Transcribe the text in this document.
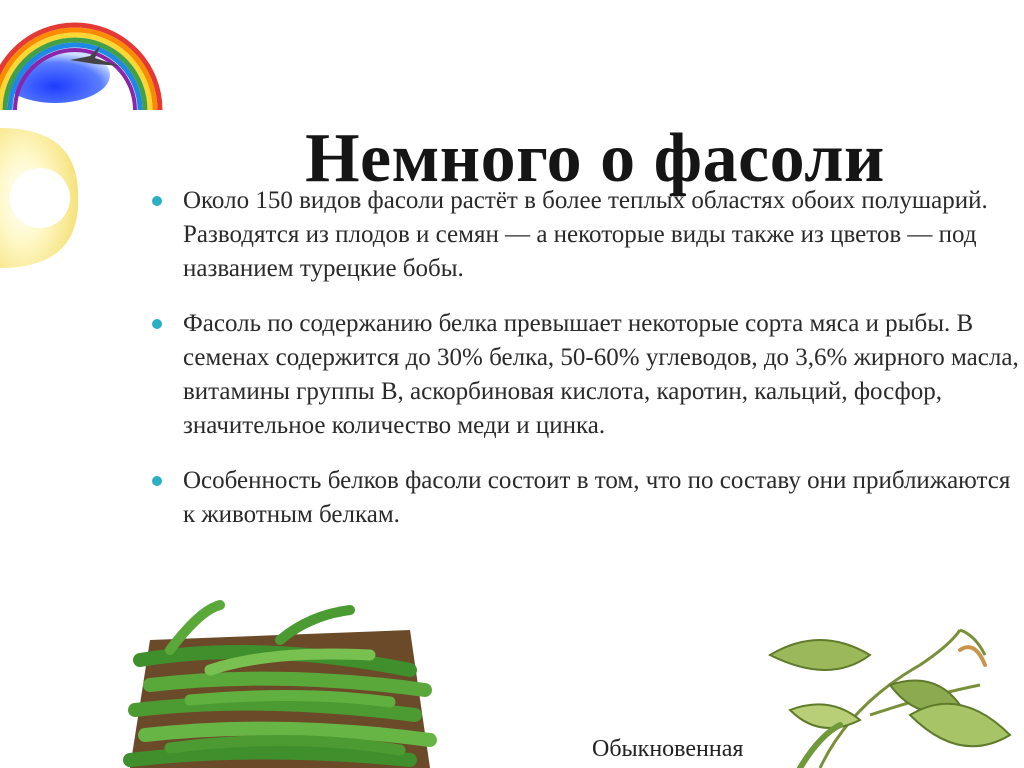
Немного о фасоли
Около 150 видов фасоли растёт в более теплых областях обоих полушарий. Разводятся из плодов и семян — а некоторые виды также из цветов — под названием турецкие бобы.
Фасоль по содержанию белка превышает некоторые сорта мяса и рыбы. В семенах содержится до 30% белка, 50-60% углеводов, до 3,6% жирного масла, витамины группы В, аскорбиновая кислота, каротин, кальций, фосфор, значительное количество меди и цинка.
Особенность белков фасоли состоит в том, что по составу они приближаются к животным белкам.
Обыкновенная
